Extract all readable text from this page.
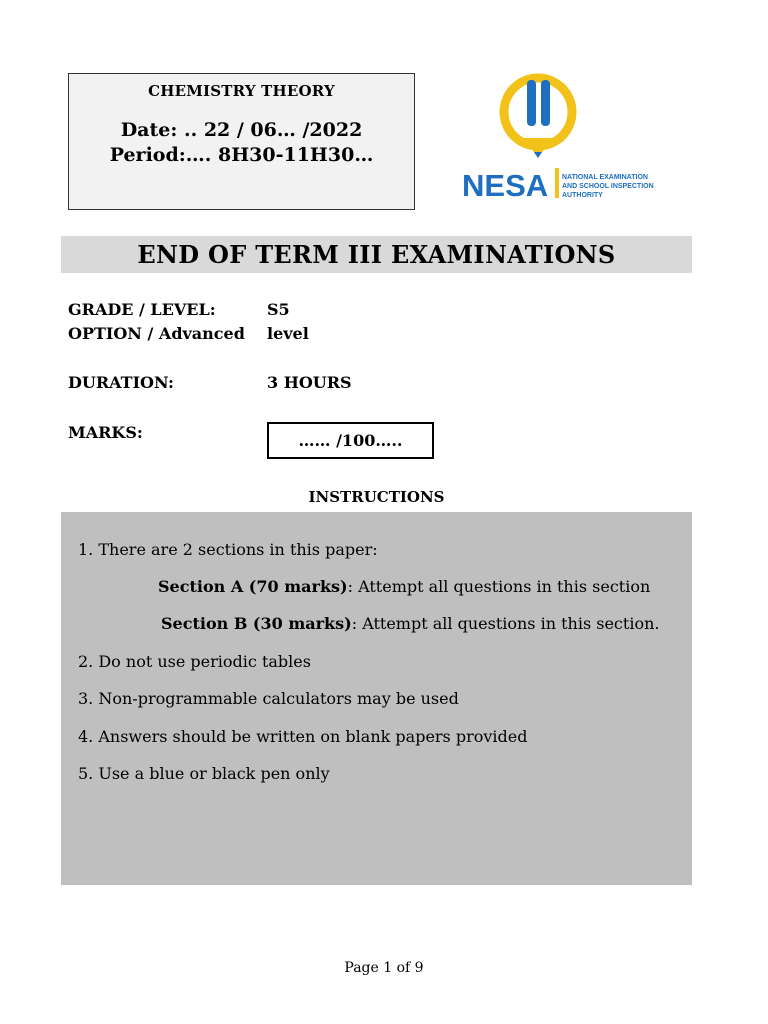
CHEMISTRY THEORY
Date: .. 22 / 06… /2022
Period:…. 8H30-11H30…
NESA NATIONAL EXAMINATION
AND SCHOOL INSPECTION
AUTHORITY
END OF TERM III EXAMINATIONS
GRADE / LEVEL:	S5
OPTION / Advanced level
DURATION:	3 HOURS
MARKS:	…… /100…..
INSTRUCTIONS
1. There are 2 sections in this paper:
Section A (70 marks): Attempt all questions in this section
Section B (30 marks): Attempt all questions in this section.
2. Do not use periodic tables
3. Non-programmable calculators may be used
4. Answers should be written on blank papers provided
5. Use a blue or black pen only
Page 1 of 9
